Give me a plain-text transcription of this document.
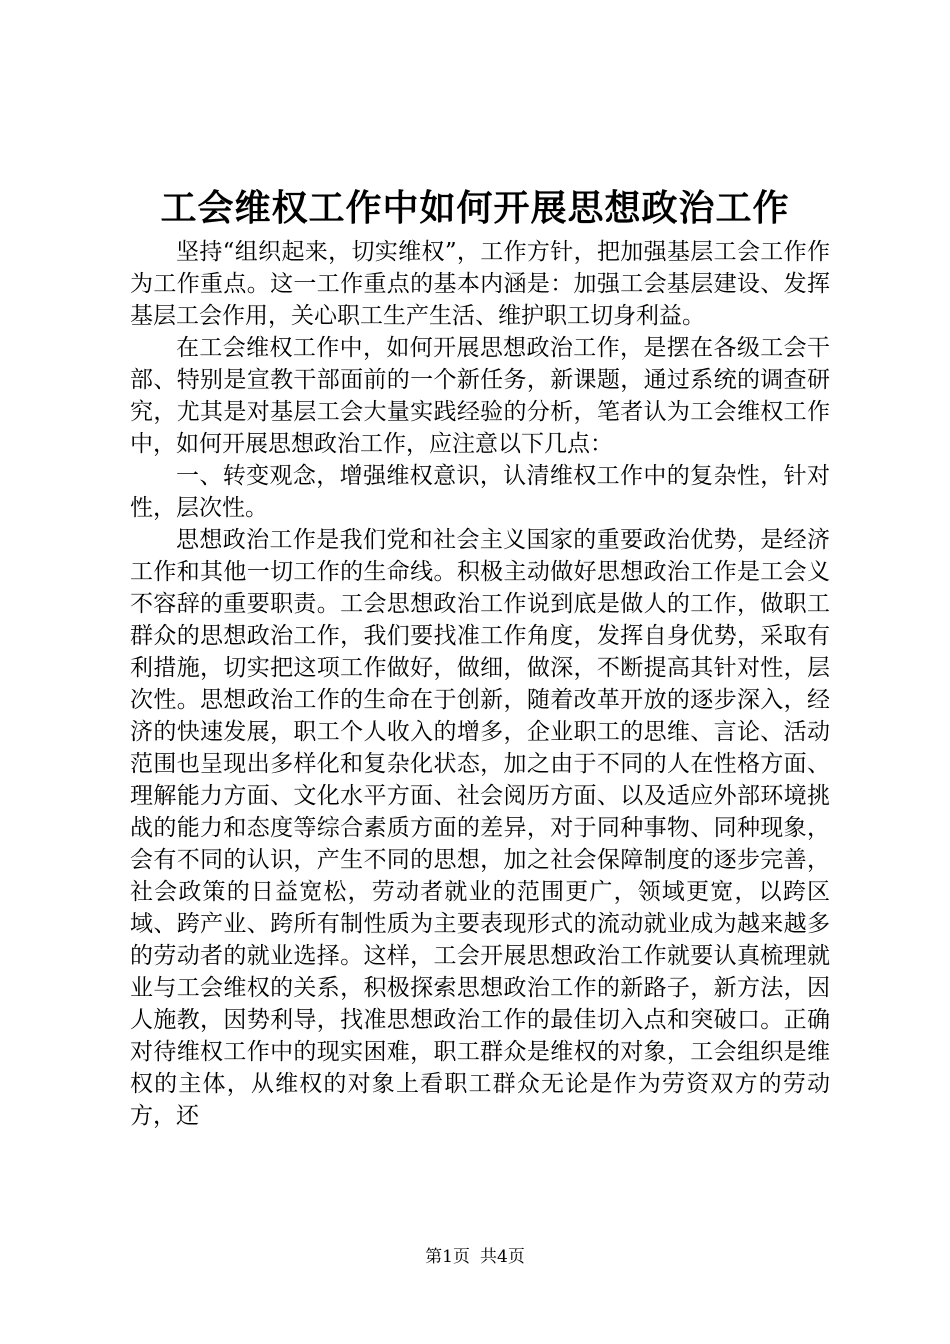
工会维权工作中如何开展思想政治工作

坚持“组织起来，切实维权”，工作方针，把加强基层工会工作作为工作重点。这一工作重点的基本内涵是：加强工会基层建设、发挥基层工会作用，关心职工生产生活、维护职工切身利益。

在工会维权工作中，如何开展思想政治工作，是摆在各级工会干部、特别是宣教干部面前的一个新任务，新课题，通过系统的调查研究，尤其是对基层工会大量实践经验的分析，笔者认为工会维权工作中，如何开展思想政治工作，应注意以下几点：

一、转变观念，增强维权意识，认清维权工作中的复杂性，针对性，层次性。

思想政治工作是我们党和社会主义国家的重要政治优势，是经济工作和其他一切工作的生命线。积极主动做好思想政治工作是工会义不容辞的重要职责。工会思想政治工作说到底是做人的工作，做职工群众的思想政治工作，我们要找准工作角度，发挥自身优势，采取有利措施，切实把这项工作做好，做细，做深，不断提高其针对性，层次性。思想政治工作的生命在于创新，随着改革开放的逐步深入，经济的快速发展，职工个人收入的增多，企业职工的思维、言论、活动范围也呈现出多样化和复杂化状态，加之由于不同的人在性格方面、理解能力方面、文化水平方面、社会阅历方面、以及适应外部环境挑战的能力和态度等综合素质方面的差异，对于同种事物、同种现象，会有不同的认识，产生不同的思想，加之社会保障制度的逐步完善，社会政策的日益宽松，劳动者就业的范围更广，领域更宽，以跨区域、跨产业、跨所有制性质为主要表现形式的流动就业成为越来越多的劳动者的就业选择。这样，工会开展思想政治工作就要认真梳理就业与工会维权的关系，积极探索思想政治工作的新路子，新方法，因人施教，因势利导，找准思想政治工作的最佳切入点和突破口。正确对待维权工作中的现实困难，职工群众是维权的对象，工会组织是维权的主体，从维权的对象上看职工群众无论是作为劳资双方的劳动方，还

第1页 共4页
